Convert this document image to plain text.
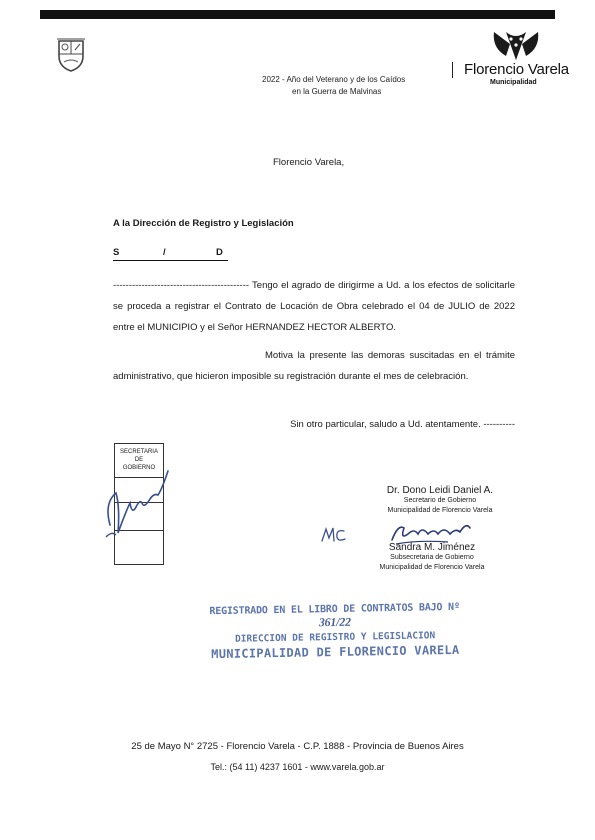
2022 - Año del Veterano y de los Caídos
en la Guerra de Malvinas
Florencio Varela
Municipalidad
Florencio Varela,
A la Dirección de Registro y Legislación
S	/	D
------------------------------------------- Tengo el agrado de dirigirme a Ud. a los efectos de solicitarle se proceda a registrar el Contrato de Locación de Obra celebrado el 04 de JULIO de 2022 entre el MUNICIPIO y el Señor HERNANDEZ HECTOR ALBERTO.
Motiva la presente las demoras suscitadas en el trámite administrativo, que hicieron imposible su registración durante el mes de celebración.
Sin otro particular, saludo a Ud. atentamente. ----------
SECRETARIA
DE
GOBIERNO
Dr. Dono Leidi Daniel A.
Secretario de Gobierno
Municipalidad de Florencio Varela
Sandra M. Jiménez
Subsecretaria de Gobierno
Municipalidad de Florencio Varela
REGISTRADO EN EL LIBRO DE CONTRATOS BAJO Nº 361/22
DIRECCION DE REGISTRO Y LEGISLACION
MUNICIPALIDAD DE FLORENCIO VARELA
25 de Mayo N° 2725 - Florencio Varela - C.P. 1888 - Provincia de Buenos Aires
Tel.: (54 11) 4237 1601 - www.varela.gob.ar
